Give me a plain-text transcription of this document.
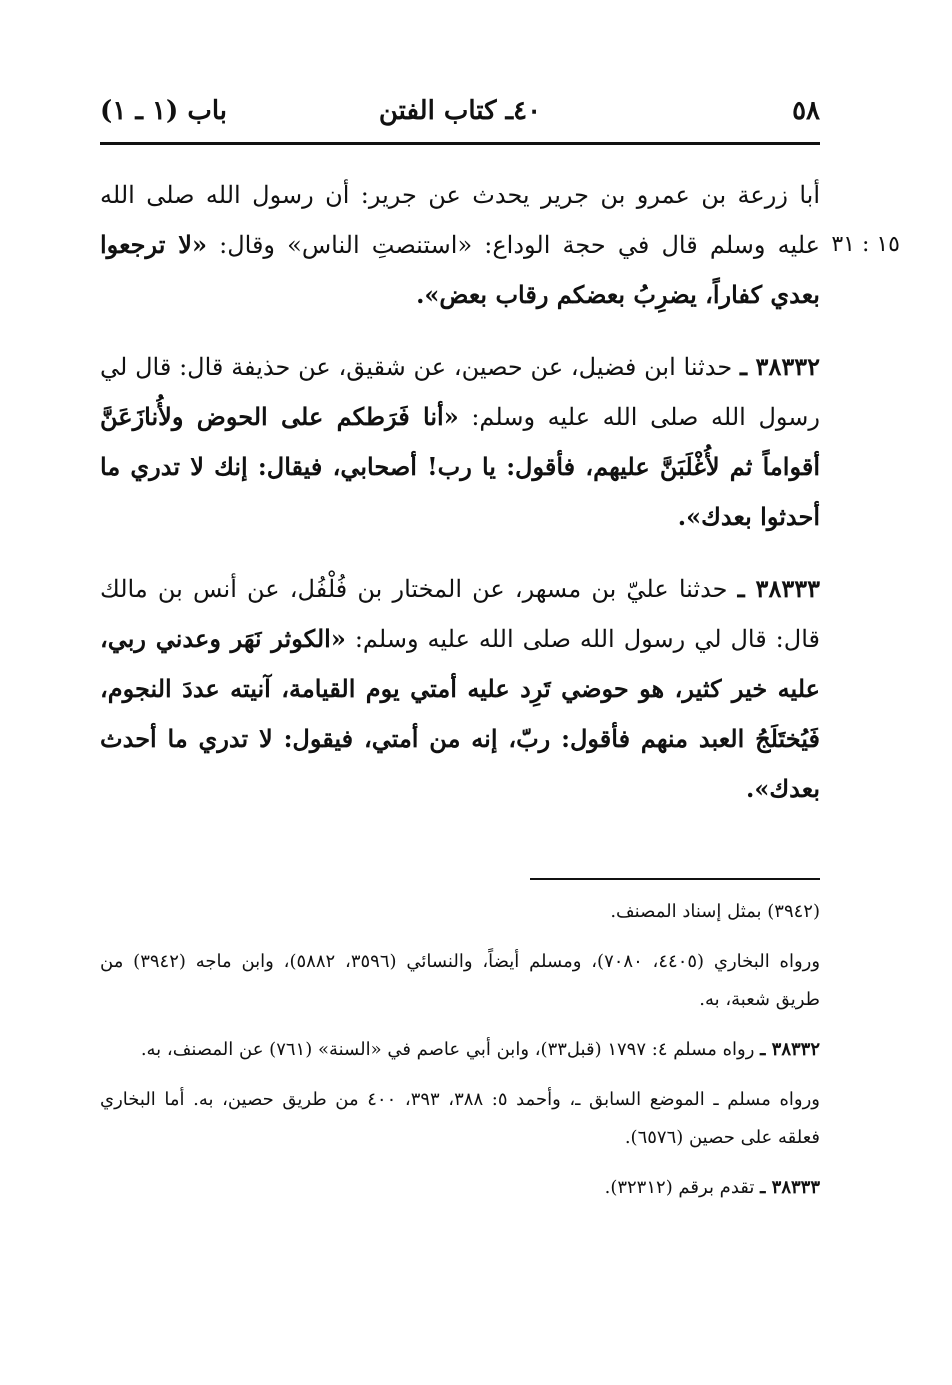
٥٨
٤٠ـ كتاب الفتن
باب (١ ـ ١)
١٥ : ٣١

أبا زرعة بن عمرو بن جرير يحدث عن جرير: أن رسول الله صلى الله عليه وسلم قال في حجة الوداع: «استنصتِ الناس» وقال: «لا ترجعوا بعدي كفاراً، يضرِبُ بعضكم رقاب بعض».

٣٨٣٣٢ ـ حدثنا ابن فضيل، عن حصين، عن شقيق، عن حذيفة قال: قال لي رسول الله صلى الله عليه وسلم: «أنا فَرَطكم على الحوض ولأُنازَعَنَّ أقواماً ثم لأُغْلَبَنَّ عليهم، فأقول: يا رب! أصحابي، فيقال: إنك لا تدري ما أحدثوا بعدك».

٣٨٣٣٣ ـ حدثنا عليّ بن مسهر، عن المختار بن فُلْفُل، عن أنس بن مالك قال: قال لي رسول الله صلى الله عليه وسلم: «الكوثر نَهَر وعدني ربي، عليه خير كثير، هو حوضي تَرِد عليه أمتي يوم القيامة، آنيته عددَ النجوم، فَيُختَلَجُ العبد منهم فأقول: ربّ، إنه من أمتي، فيقول: لا تدري ما أحدث بعدك».

(٣٩٤٢) بمثل إسناد المصنف.

ورواه البخاري (٤٤٠٥، ٧٠٨٠)، ومسلم أيضاً، والنسائي (٣٥٩٦، ٥٨٨٢)، وابن ماجه (٣٩٤٢) من طريق شعبة، به.

٣٨٣٣٢ ـ رواه مسلم ٤: ١٧٩٧ (قبل٣٣)، وابن أبي عاصم في «السنة» (٧٦١) عن المصنف، به.

ورواه مسلم ـ الموضع السابق ـ، وأحمد ٥: ٣٨٨، ٣٩٣، ٤٠٠ من طريق حصين، به. أما البخاري فعلقه على حصين (٦٥٧٦).

٣٨٣٣٣ ـ تقدم برقم (٣٢٣١٢).
